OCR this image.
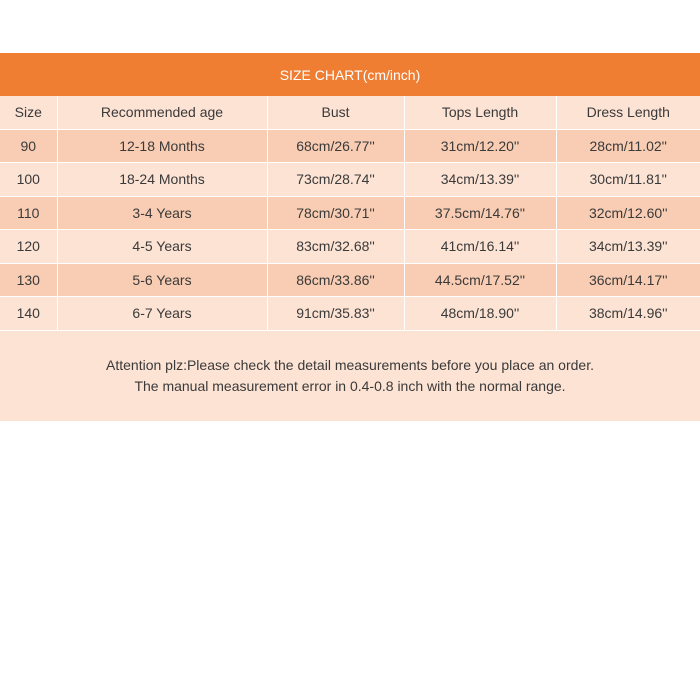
SIZE CHART(cm/inch)
Size	Recommended age	Bust	Tops Length	Dress Length
90	12-18 Months	68cm/26.77''	31cm/12.20''	28cm/11.02''
100	18-24 Months	73cm/28.74''	34cm/13.39''	30cm/11.81''
110	3-4 Years	78cm/30.71''	37.5cm/14.76''	32cm/12.60''
120	4-5 Years	83cm/32.68''	41cm/16.14''	34cm/13.39''
130	5-6 Years	86cm/33.86''	44.5cm/17.52''	36cm/14.17''
140	6-7 Years	91cm/35.83''	48cm/18.90''	38cm/14.96''
Attention plz:Please check the detail measurements before you place an order.
The manual measurement error in 0.4-0.8 inch with the normal range.
